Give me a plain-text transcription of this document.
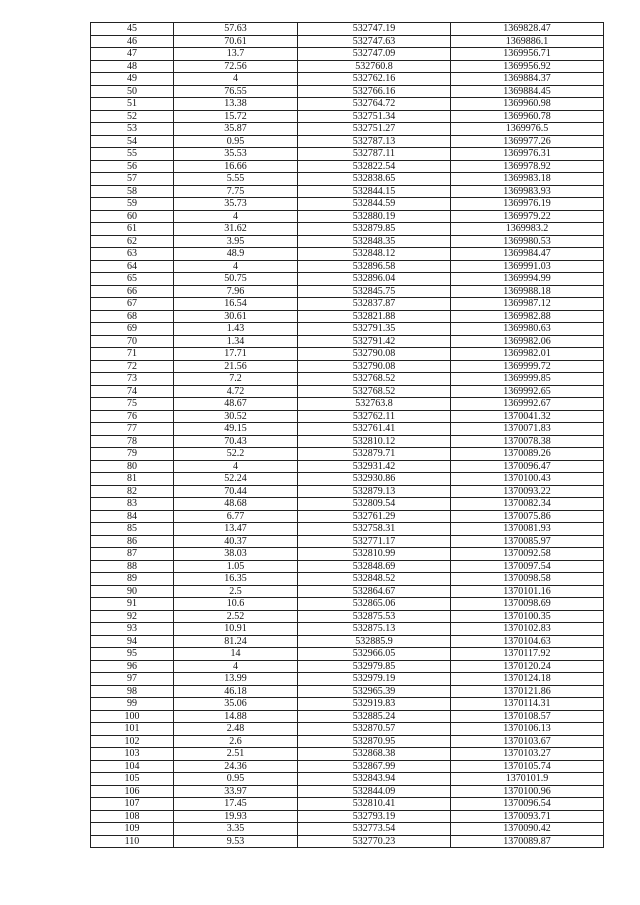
45	57.63	532747.19	1369828.47
46	70.61	532747.63	1369886.1
47	13.7	532747.09	1369956.71
48	72.56	532760.8	1369956.92
49	4	532762.16	1369884.37
50	76.55	532766.16	1369884.45
51	13.38	532764.72	1369960.98
52	15.72	532751.34	1369960.78
53	35.87	532751.27	1369976.5
54	0.95	532787.13	1369977.26
55	35.53	532787.11	1369976.31
56	16.66	532822.54	1369978.92
57	5.55	532838.65	1369983.18
58	7.75	532844.15	1369983.93
59	35.73	532844.59	1369976.19
60	4	532880.19	1369979.22
61	31.62	532879.85	1369983.2
62	3.95	532848.35	1369980.53
63	48.9	532848.12	1369984.47
64	4	532896.58	1369991.03
65	50.75	532896.04	1369994.99
66	7.96	532845.75	1369988.18
67	16.54	532837.87	1369987.12
68	30.61	532821.88	1369982.88
69	1.43	532791.35	1369980.63
70	1.34	532791.42	1369982.06
71	17.71	532790.08	1369982.01
72	21.56	532790.08	1369999.72
73	7.2	532768.52	1369999.85
74	4.72	532768.52	1369992.65
75	48.67	532763.8	1369992.67
76	30.52	532762.11	1370041.32
77	49.15	532761.41	1370071.83
78	70.43	532810.12	1370078.38
79	52.2	532879.71	1370089.26
80	4	532931.42	1370096.47
81	52.24	532930.86	1370100.43
82	70.44	532879.13	1370093.22
83	48.68	532809.54	1370082.34
84	6.77	532761.29	1370075.86
85	13.47	532758.31	1370081.93
86	40.37	532771.17	1370085.97
87	38.03	532810.99	1370092.58
88	1.05	532848.69	1370097.54
89	16.35	532848.52	1370098.58
90	2.5	532864.67	1370101.16
91	10.6	532865.06	1370098.69
92	2.52	532875.53	1370100.35
93	10.91	532875.13	1370102.83
94	81.24	532885.9	1370104.63
95	14	532966.05	1370117.92
96	4	532979.85	1370120.24
97	13.99	532979.19	1370124.18
98	46.18	532965.39	1370121.86
99	35.06	532919.83	1370114.31
100	14.88	532885.24	1370108.57
101	2.48	532870.57	1370106.13
102	2.6	532870.95	1370103.67
103	2.51	532868.38	1370103.27
104	24.36	532867.99	1370105.74
105	0.95	532843.94	1370101.9
106	33.97	532844.09	1370100.96
107	17.45	532810.41	1370096.54
108	19.93	532793.19	1370093.71
109	3.35	532773.54	1370090.42
110	9.53	532770.23	1370089.87
